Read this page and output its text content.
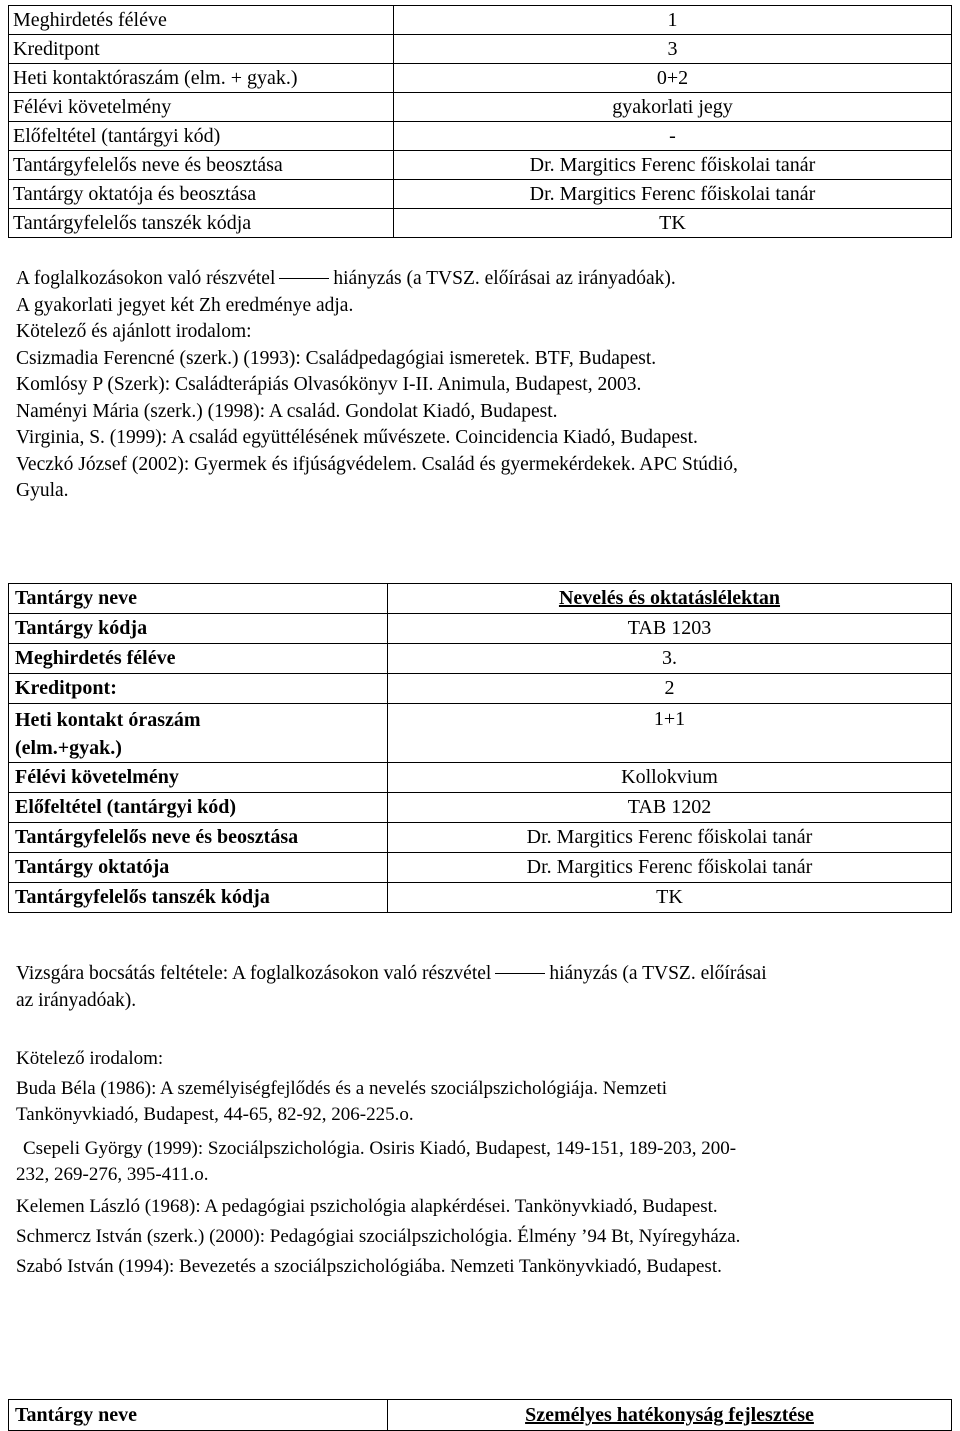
Meghirdetés féléve	1
Kreditpont	3
Heti kontaktóraszám (elm. + gyak.)	0+2
Félévi követelmény	gyakorlati jegy
Előfeltétel (tantárgyi kód)	-
Tantárgyfelelős neve és beosztása	Dr. Margitics Ferenc főiskolai tanár
Tantárgy oktatója és beosztása	Dr. Margitics Ferenc főiskolai tanár
Tantárgyfelelős tanszék kódja	TK

A foglalkozásokon való részvétel	hiányzás (a TVSZ. előírásai az irányadóak).

A gyakorlati jegyet két Zh eredménye adja.

Kötelező és ajánlott irodalom:

Csizmadia Ferencné (szerk.) (1993): Családpedagógiai ismeretek. BTF, Budapest.

Komlósy P (Szerk): Családterápiás Olvasókönyv I-II. Animula, Budapest, 2003.

Naményi Mária (szerk.) (1998): A család. Gondolat Kiadó, Budapest.

Virginia, S. (1999): A család együttélésének művészete. Coincidencia Kiadó, Budapest.

Veczkó József (2002): Gyermek és ifjúságvédelem. Család és gyermekérdekek. APC Stúdió,

Gyula.

Tantárgy neve	Nevelés és oktatáslélektan
Tantárgy kódja	TAB 1203
Meghirdetés féléve	3.
Kreditpont:	2
Heti kontakt óraszám
(elm.+gyak.)	1+1
Félévi követelmény	Kollokvium
Előfeltétel (tantárgyi kód)	TAB 1202
Tantárgyfelelős neve és beosztása	Dr. Margitics Ferenc főiskolai tanár
Tantárgy oktatója	Dr. Margitics Ferenc főiskolai tanár
Tantárgyfelelős tanszék kódja	TK

Vizsgára bocsátás feltétele: A foglalkozásokon való részvétel	hiányzás (a TVSZ. előírásai

az irányadóak).

Kötelező irodalom:

Buda Béla (1986): A személyiségfejlődés és a nevelés szociálpszichológiája. Nemzeti

Tankönyvkiadó, Budapest, 44-65, 82-92, 206-225.o.

Csepeli György (1999): Szociálpszichológia. Osiris Kiadó, Budapest, 149-151, 189-203, 200-

232, 269-276, 395-411.o.

Kelemen László (1968): A pedagógiai pszichológia alapkérdései. Tankönyvkiadó, Budapest.

Schmercz István (szerk.) (2000): Pedagógiai szociálpszichológia. Élmény ’94 Bt, Nyíregyháza.

Szabó István (1994): Bevezetés a szociálpszichológiába. Nemzeti Tankönyvkiadó, Budapest.

Tantárgy neve	Személyes hatékonyság fejlesztése
